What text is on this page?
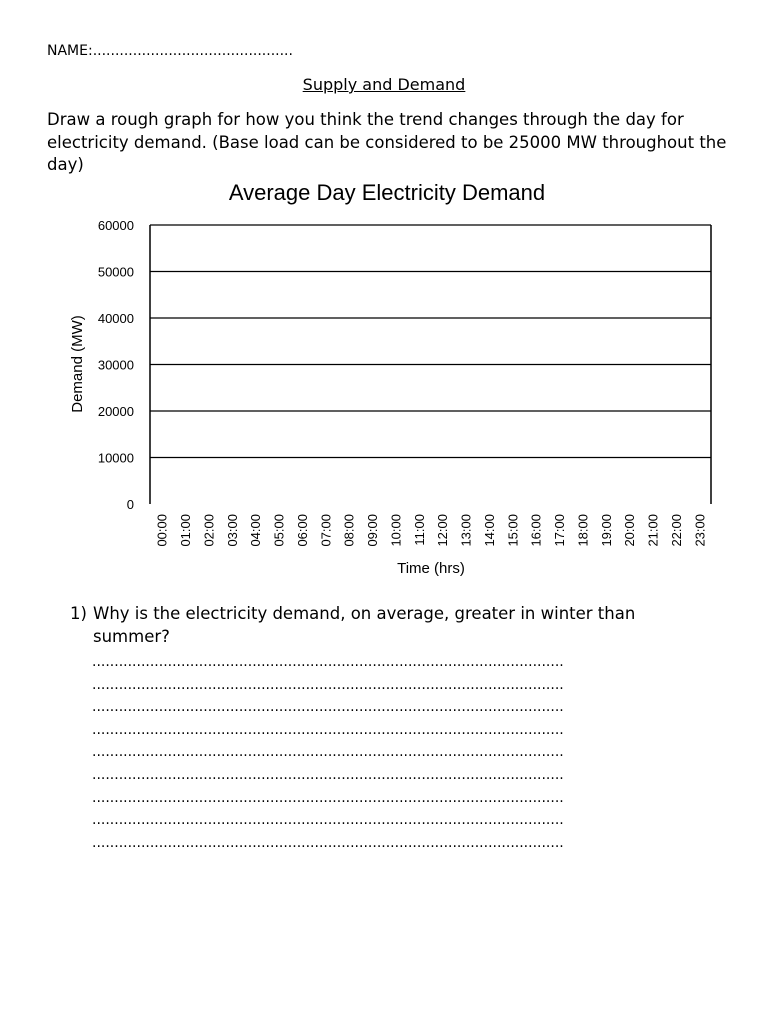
NAME:.............................................
Supply and Demand
Draw a rough graph for how you think the trend changes through the day for electricity demand. (Base load can be considered to be 25000 MW throughout the day)
Average Day Electricity Demand
0
10000
20000
30000
40000
50000
60000
00:00 01:00 02:00 03:00 04:00 05:00 06:00 07:00 08:00 09:00 10:00 11:00 12:00 13:00 14:00 15:00 16:00 17:00 18:00 19:00 20:00 21:00 22:00 23:00
Time (hrs)
Demand (MW)
1) Why is the electricity demand, on average, greater in winter than summer?
..........................................................................................................
..........................................................................................................
..........................................................................................................
..........................................................................................................
..........................................................................................................
..........................................................................................................
..........................................................................................................
..........................................................................................................
..........................................................................................................
